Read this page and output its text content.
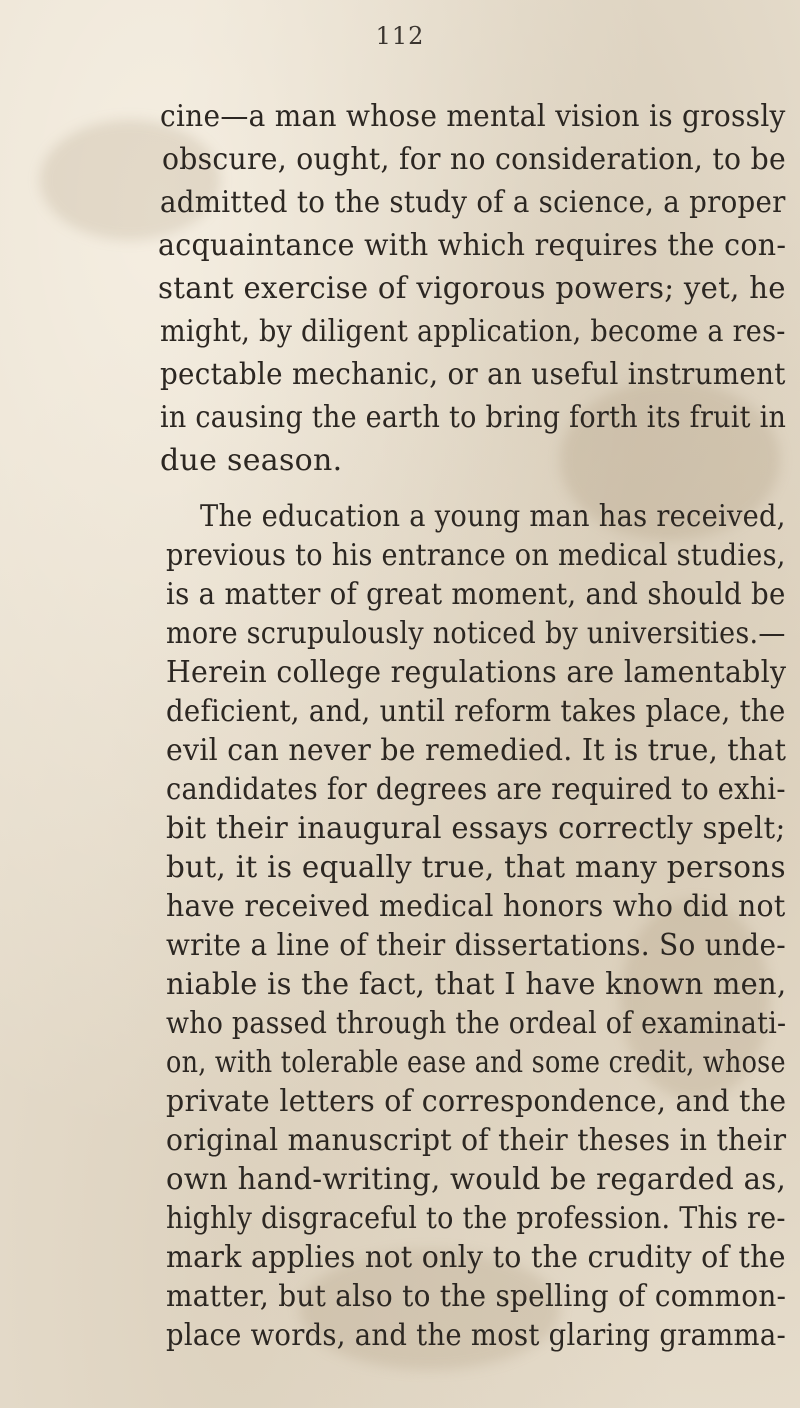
112
cine—a man whose mental vision is grossly
obscure, ought, for no consideration, to be
admitted to the study of a science, a proper
acquaintance with which requires the con-
stant exercise of vigorous powers; yet, he
might, by diligent application, become a res-
pectable mechanic, or an useful instrument
in causing the earth to bring forth its fruit in
due season.
The education a young man has received,
previous to his entrance on medical studies,
is a matter of great moment, and should be
more scrupulously noticed by universities.—
Herein college regulations are lamentably
deficient, and, until reform takes place, the
evil can never be remedied. It is true, that
candidates for degrees are required to exhi-
bit their inaugural essays correctly spelt;
but, it is equally true, that many persons
have received medical honors who did not
write a line of their dissertations. So unde-
niable is the fact, that I have known men,
who passed through the ordeal of examinati-
on, with tolerable ease and some credit, whose
private letters of correspondence, and the
original manuscript of their theses in their
own hand-writing, would be regarded as,
highly disgraceful to the profession. This re-
mark applies not only to the crudity of the
matter, but also to the spelling of common-
place words, and the most glaring gramma-
